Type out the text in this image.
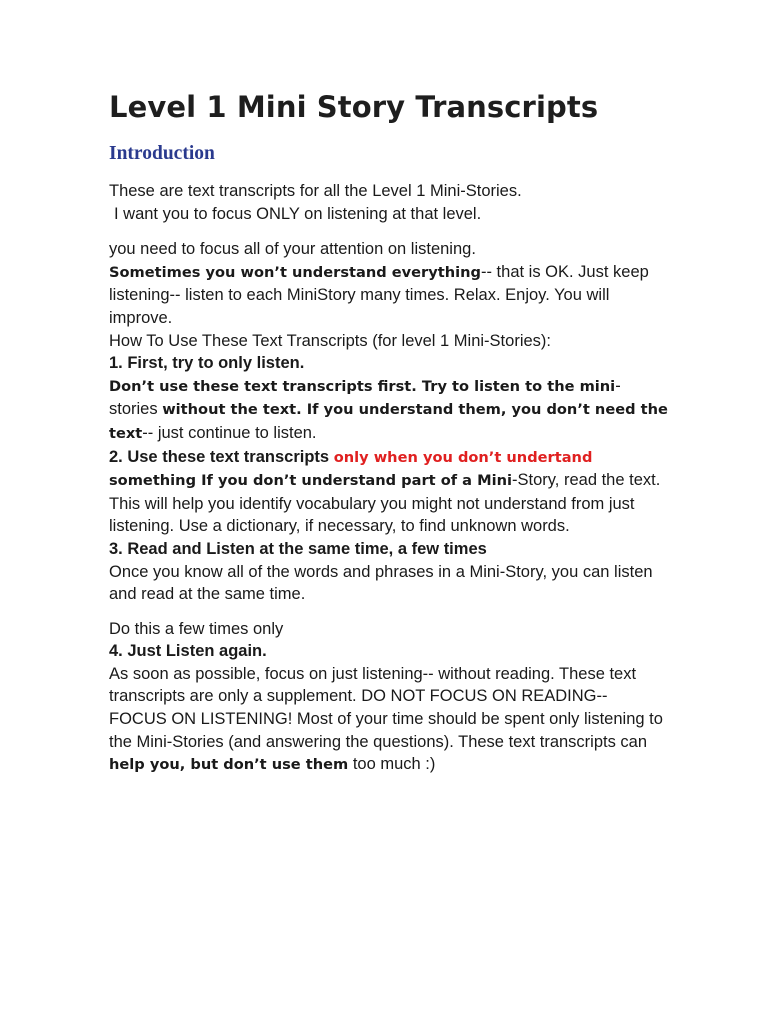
Level 1 Mini Story Transcripts
Introduction

These are text transcripts for all the Level 1 Mini-Stories.

I want you to focus ONLY on listening at that level.

you need to focus all of your attention on listening.

Sometimes you won’t understand everything-- that is OK. Just keep listening-- listen to each MiniStory many times. Relax. Enjoy. You will improve.

How To Use These Text Transcripts (for level 1 Mini-Stories):

1. First, try to only listen.

Don’t use these text transcripts first. Try to listen to the mini-stories without the text. If you understand them, you don’t need the text-- just continue to listen.

2. Use these text transcripts only when you don’t undertand something If you don’t understand part of a Mini-Story, read the text. This will help you identify vocabulary you might not understand from just listening. Use a dictionary, if necessary, to find unknown words.

3. Read and Listen at the same time, a few times

Once you know all of the words and phrases in a Mini-Story, you can listen and read at the same time.

Do this a few times only

4. Just Listen again.

As soon as possible, focus on just listening-- without reading. These text transcripts are only a supplement. DO NOT FOCUS ON READING-- FOCUS ON LISTENING! Most of your time should be spent only listening to the Mini-Stories (and answering the questions). These text transcripts can help you, but don’t use them too much :)
